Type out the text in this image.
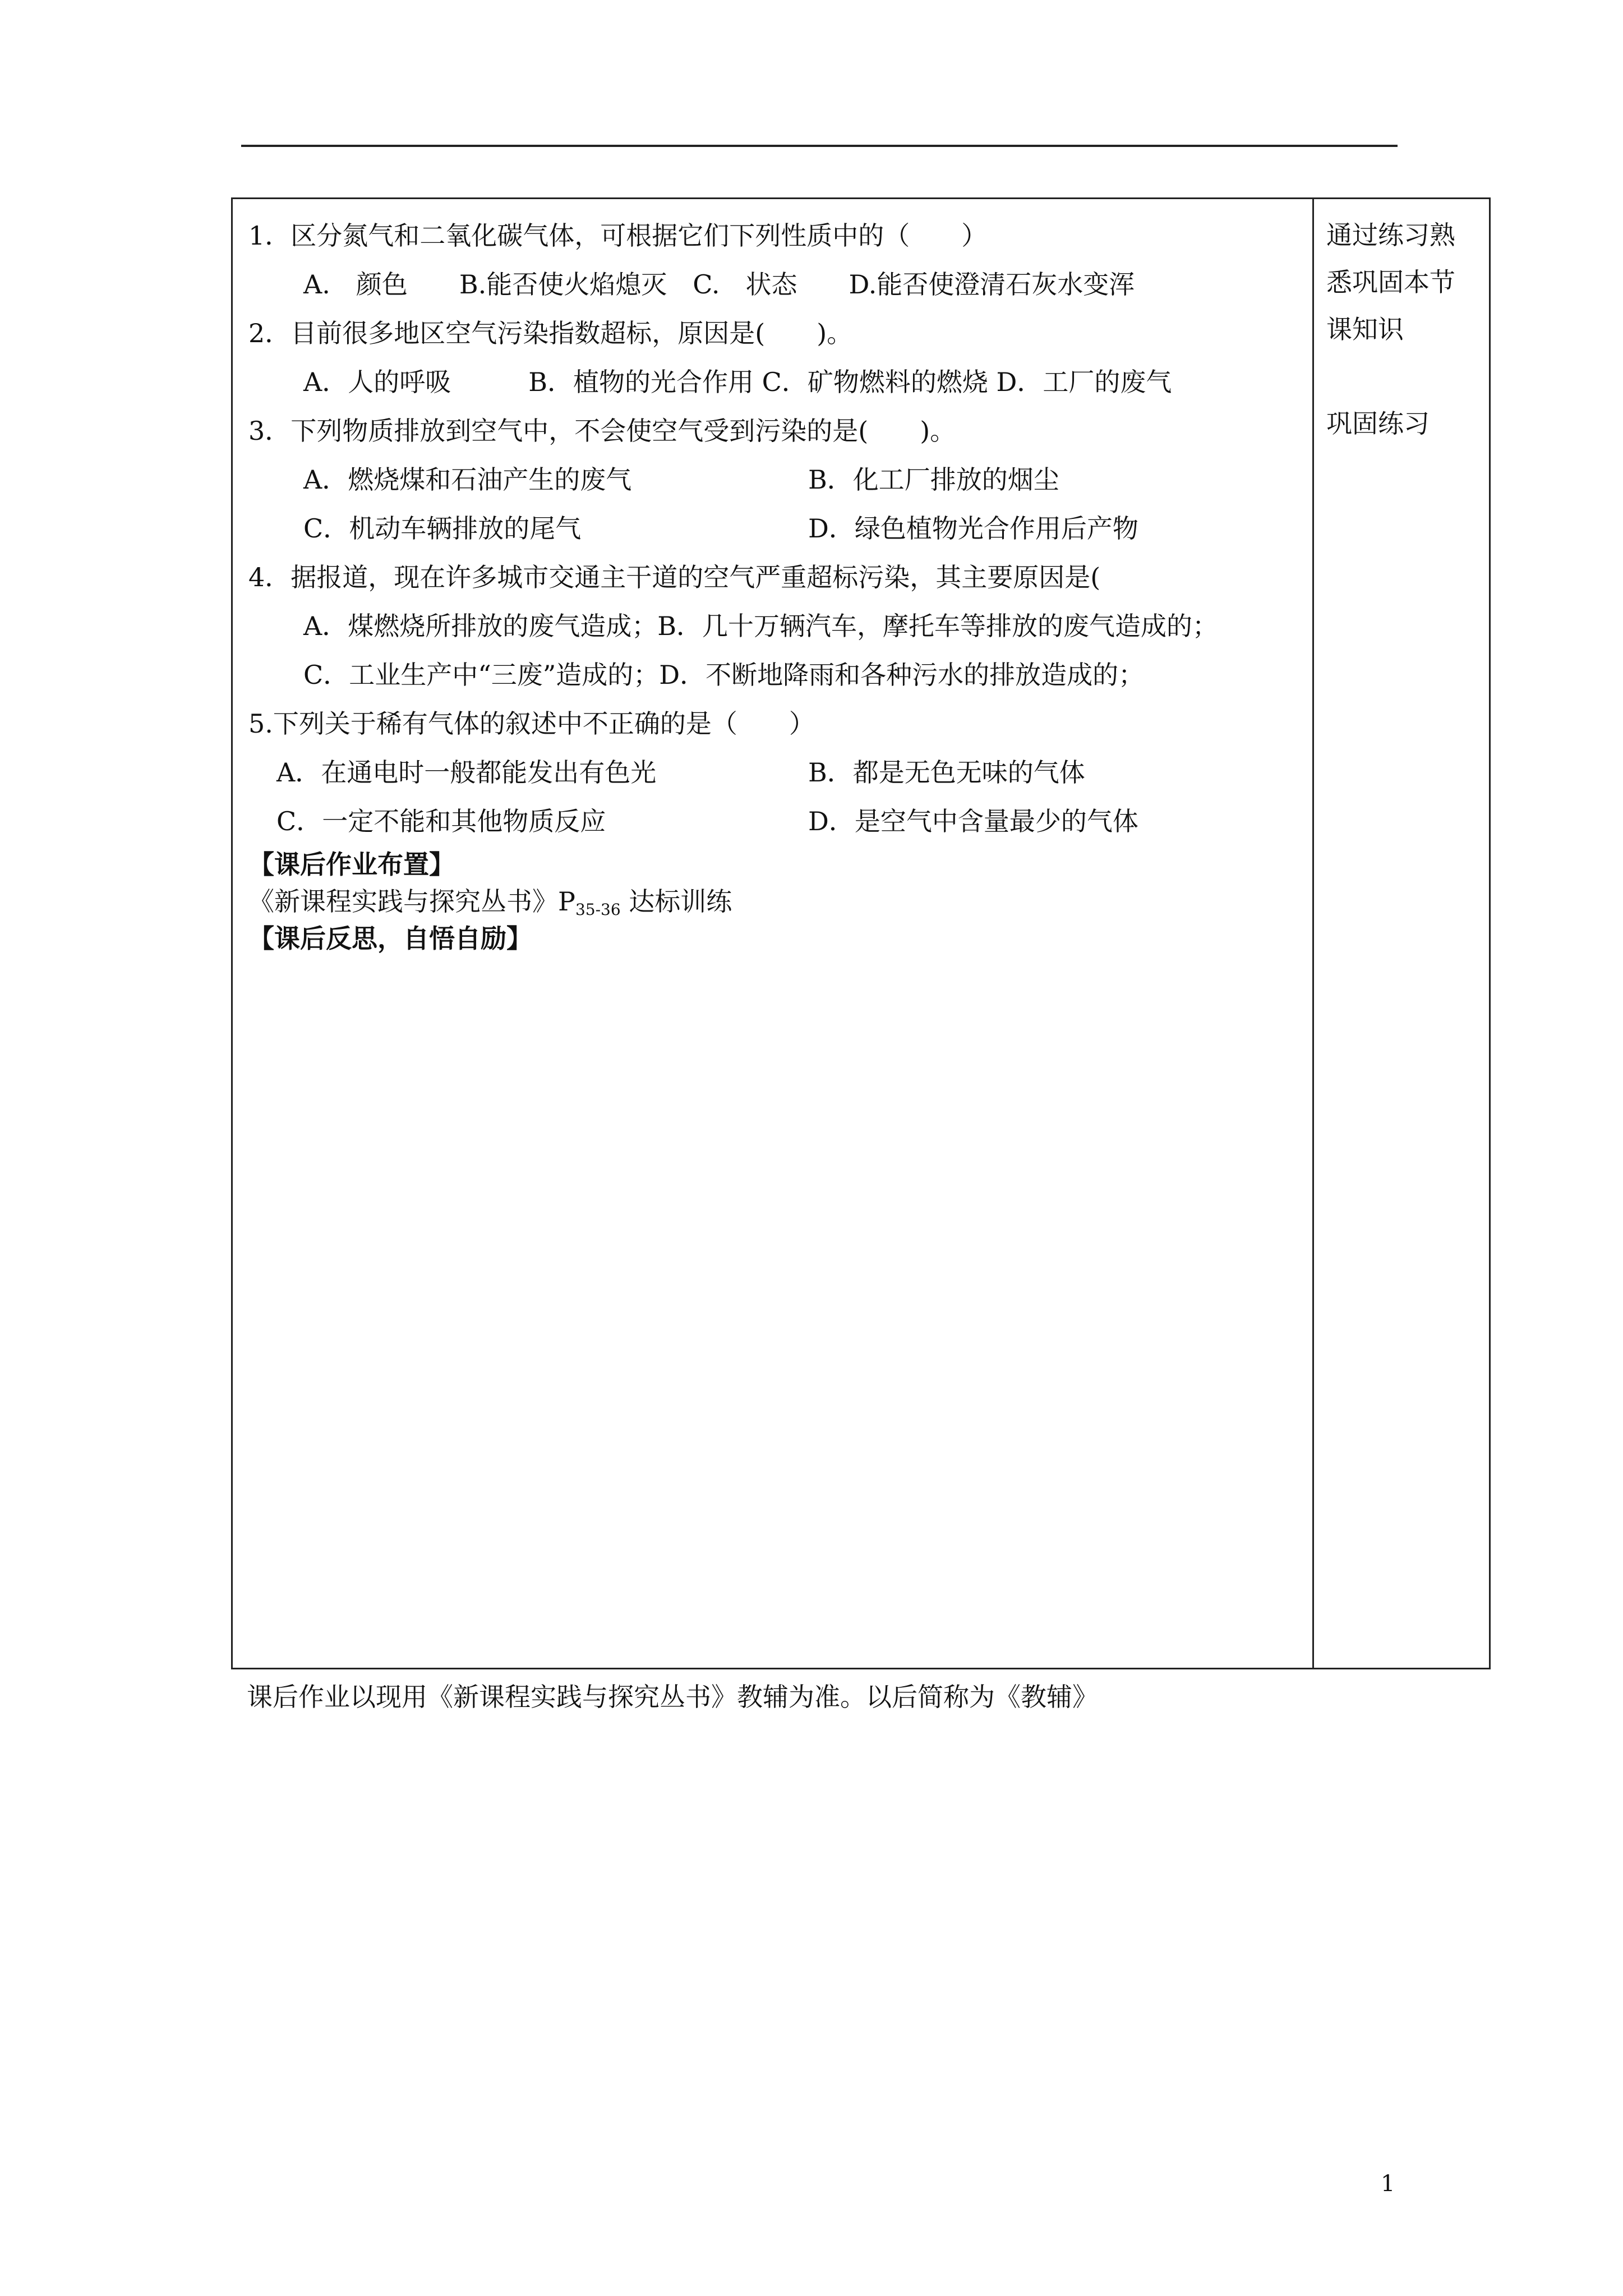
1．区分氮气和二氧化碳气体，可根据它们下列性质中的（　　）
A.　颜色　　B.能否使火焰熄灭　C.　状态　　D.能否使澄清石灰水变浑
2．目前很多地区空气污染指数超标，原因是(　　)。
A．人的呼吸　　　B．植物的光合作用 C．矿物燃料的燃烧 D．工厂的废气
3．下列物质排放到空气中，不会使空气受到污染的是(　　)。
A．燃烧煤和石油产生的废气	B．化工厂排放的烟尘
C．机动车辆排放的尾气	D．绿色植物光合作用后产物
4．据报道，现在许多城市交通主干道的空气严重超标污染，其主要原因是(
A．煤燃烧所排放的废气造成；B．几十万辆汽车，摩托车等排放的废气造成的；
C．工业生产中“三废”造成的；D．不断地降雨和各种污水的排放造成的；
5.下列关于稀有气体的叙述中不正确的是（　　）
A．在通电时一般都能发出有色光	B．都是无色无味的气体
C．一定不能和其他物质反应	D．是空气中含量最少的气体
【课后作业布置】
《新课程实践与探究丛书》$P_{35-36}$ 达标训练
【课后反思，自悟自励】
通过练习熟
悉巩固本节
课知识
巩固练习
课后作业以现用《新课程实践与探究丛书》教辅为准。以后简称为《教辅》
1
